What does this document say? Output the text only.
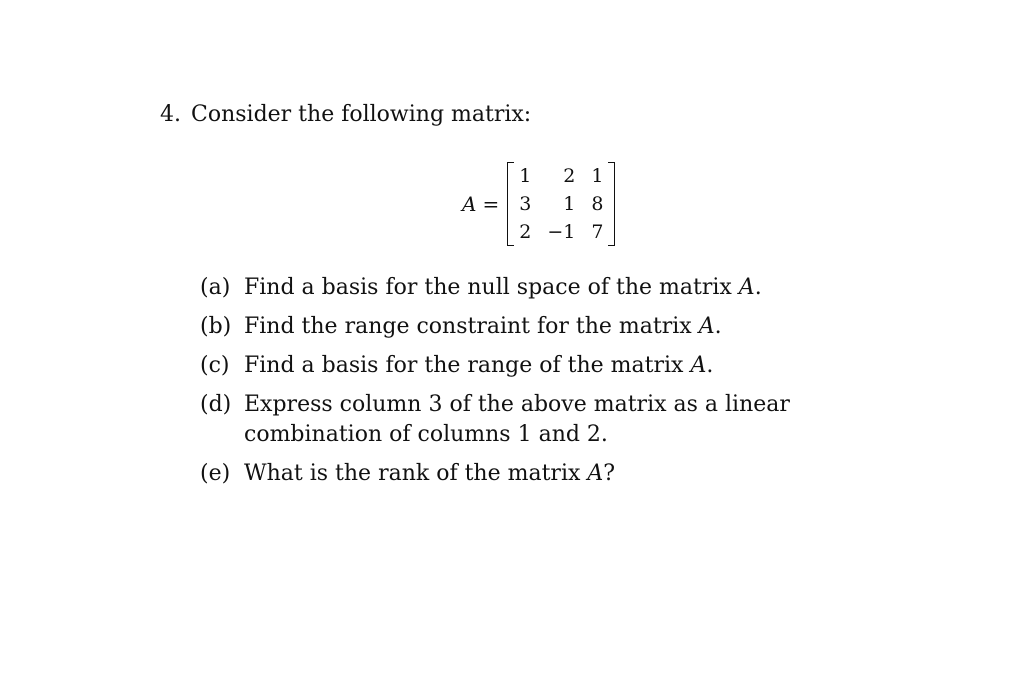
4. Consider the following matrix:
A =
1	2	1
3	1	8
2	−1	7
(a) Find a basis for the null space of the matrix A.
(b) Find the range constraint for the matrix A.
(c) Find a basis for the range of the matrix A.
(d) Express column 3 of the above matrix as a linear combination of columns 1 and 2.
(e) What is the rank of the matrix A?
